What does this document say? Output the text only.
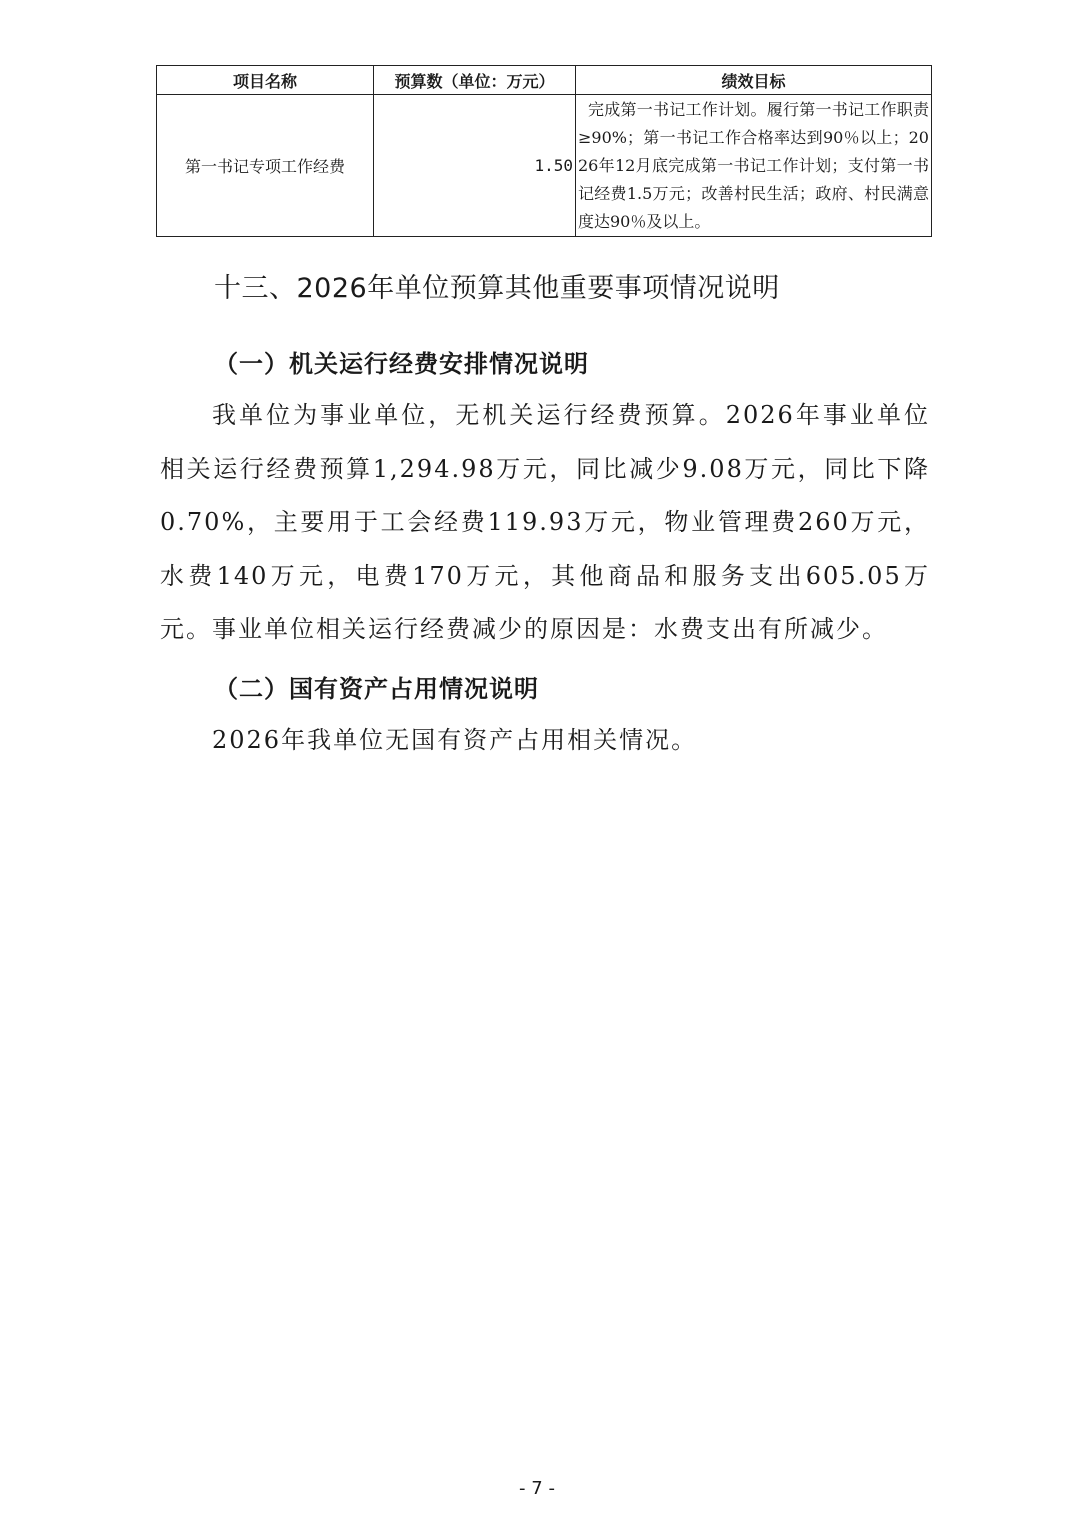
项目名称	预算数（单位：万元）	绩效目标
第一书记专项工作经费	1.50	完成第一书记工作计划。履行第一书记工作职责≥90%；第一书记工作合格率达到90％以上；2026年12月底完成第一书记工作计划；支付第一书记经费1.5万元；改善村民生活；政府、村民满意度达90％及以上。
十三、2026年单位预算其他重要事项情况说明
（一）机关运行经费安排情况说明

我单位为事业单位，无机关运行经费预算。2026年事业单位相关运行经费预算1,294.98万元，同比减少9.08万元，同比下降0.70%，主要用于工会经费119.93万元，物业管理费260万元，水费140万元，电费170万元，其他商品和服务支出605.05万元。事业单位相关运行经费减少的原因是：水费支出有所减少。

（二）国有资产占用情况说明

2026年我单位无国有资产占用相关情况。

- 7 -
